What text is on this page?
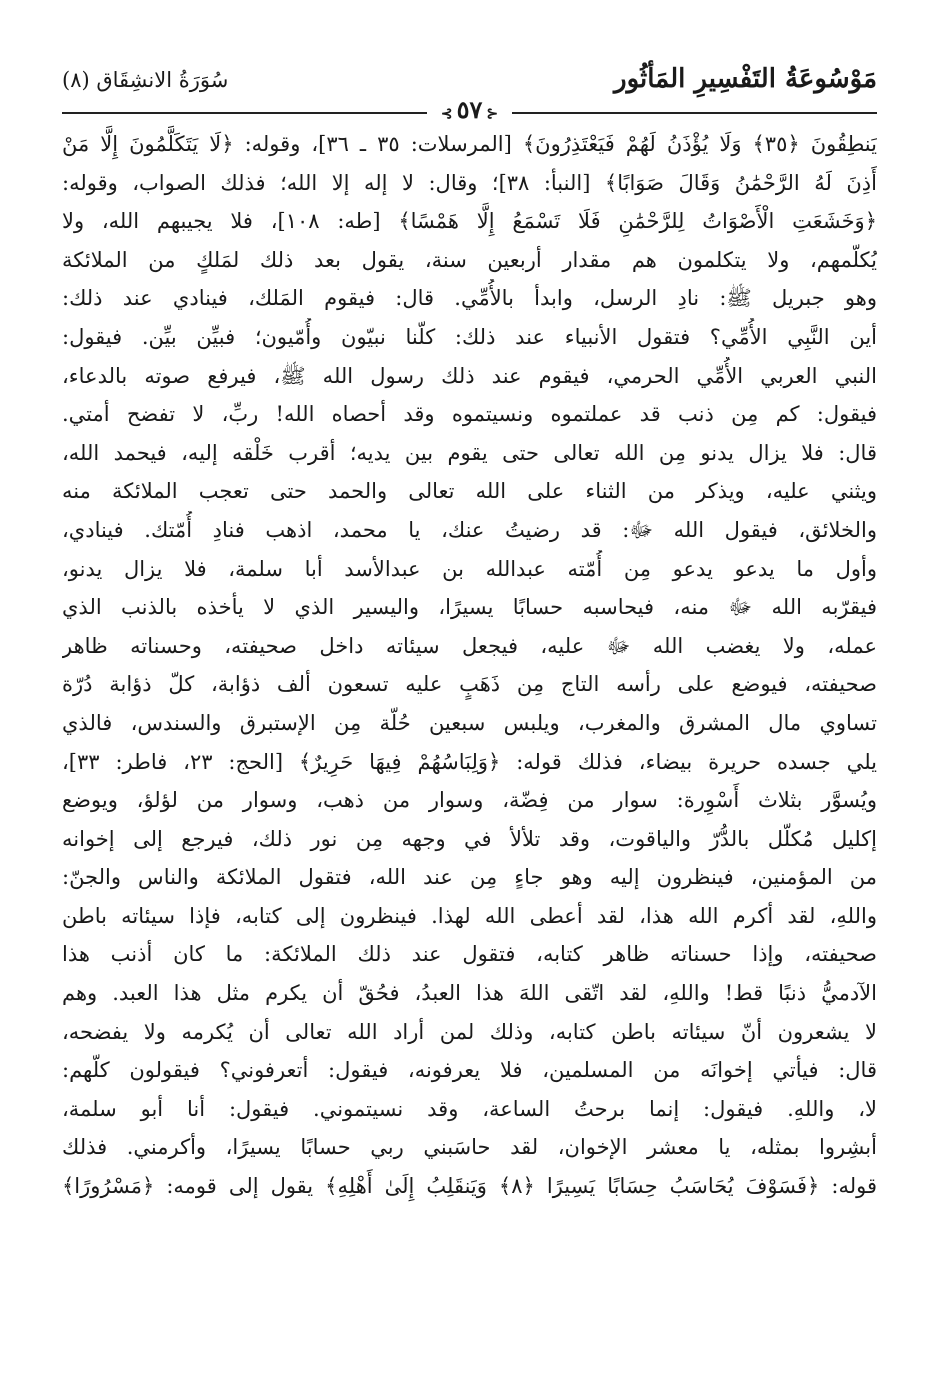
سُوَرَةُ الانشِقَاق (٨)	مَوْسُوعَةُ التَفْسِيرِ المَأثُور
⊰٥٧⊱
يَنطِقُونَ ﴿٣٥﴾ وَلَا يُؤْذَنُ لَهُمْ فَيَعْتَذِرُونَ﴾ [المرسلات: ٣٥ ـ ٣٦]، وقوله: ﴿لَا يَتَكَلَّمُونَ إِلَّا مَنْ
أَذِنَ لَهُ الرَّحْمَٰنُ وَقَالَ صَوَابًا﴾ [النبأ: ٣٨]؛ وقال: لا إله إلا الله؛ فذلك الصواب، وقوله:
﴿وَخَشَعَتِ الْأَصْوَاتُ لِلرَّحْمَٰنِ فَلَا تَسْمَعُ إِلَّا هَمْسًا﴾ [طه: ١٠٨]، فلا يجيبهم الله، ولا
يُكلّمهم، ولا يتكلمون هم مقدار أربعين سنة، يقول بعد ذلك لمَلكٍ من الملائكة
وهو جبريل ﷺ: نادِ الرسل، وابدأ بالأُمِّي. قال: فيقوم المَلك، فينادي عند ذلك:
أين النَّبِي الأُمِّي؟ فتقول الأنبياء عند ذلك: كلّنا نبيّون وأُمّيون؛ فبيِّن بيِّن. فيقول:
النبي العربي الأُمِّي الحرمي، فيقوم عند ذلك رسول الله ﷺ، فيرفع صوته بالدعاء،
فيقول: كم مِن ذنب قد عملتموه ونسيتموه وقد أحصاه الله! ربِّ، لا تفضح أمتي.
قال: فلا يزال يدنو مِن الله تعالى حتى يقوم بين يديه؛ أقرب خَلْقه إليه، فيحمد الله،
ويثني عليه، ويذكر من الثناء على الله تعالى والحمد حتى تعجب الملائكة منه
والخلائق، فيقول الله ﷻ: قد رضيتُ عنك، يا محمد، اذهب فنادِ أُمّتك. فينادي،
وأول ما يدعو يدعو مِن أُمّته عبدالله بن عبدالأسد أبا سلمة، فلا يزال يدنو،
فيقرّبه الله ﷻ منه، فيحاسبه حسابًا يسيرًا، واليسير الذي لا يأخذه بالذنب الذي
عمله، ولا يغضب الله ﷻ عليه، فيجعل سيئاته داخل صحيفته، وحسناته ظاهر
صحيفته، فيوضع على رأسه التاج مِن ذَهَبٍ عليه تسعون ألف ذؤابة، كلّ ذؤابة دُرّة
تساوي مال المشرق والمغرب، ويلبس سبعين حُلّة مِن الإستبرق والسندس، فالذي
يلي جسده حريرة بيضاء، فذلك قوله: ﴿وَلِبَاسُهُمْ فِيهَا حَرِيرٌ﴾ [الحج: ٢٣، فاطر: ٣٣]،
ويُسوَّر بثلاث أَسْوِرة: سوار من فِضّة، وسوار من ذهب، وسوار من لؤلؤ، ويوضع
إكليل مُكلّل بالدُّرّ والياقوت، وقد تلألأ في وجهه مِن نور ذلك، فيرجع إلى إخوانه
من المؤمنين، فينظرون إليه وهو جاءٍ مِن عند الله، فتقول الملائكة والناس والجنّ:
واللهِ، لقد أكرم الله هذا، لقد أعطى الله لهذا. فينظرون إلى كتابه، فإذا سيئاته باطن
صحيفته، وإذا حسناته ظاهر كتابه، فتقول عند ذلك الملائكة: ما كان أذنب هذا
الآدميُّ ذنبًا قط! واللهِ، لقد اتّقى اللهَ هذا العبدُ، فحُقّ أن يكرم مثل هذا العبد. وهم
لا يشعرون أنّ سيئاته باطن كتابه، وذلك لمن أراد الله تعالى أن يُكرمه ولا يفضحه،
قال: فيأتي إخوانَه من المسلمين، فلا يعرفونه، فيقول: أتعرفوني؟ فيقولون كلّهم:
لا، واللهِ. فيقول: إنما برحتُ الساعة، وقد نسيتموني. فيقول: أنا أبو سلمة،
أبشِروا بمثله، يا معشر الإخوان، لقد حاسَبني ربي حسابًا يسيرًا، وأكرمني. فذلك
قوله: ﴿فَسَوْفَ يُحَاسَبُ حِسَابًا يَسِيرًا ﴿٨﴾ وَيَنقَلِبُ إِلَىٰ أَهْلِهِ﴾ يقول إلى قومه: ﴿مَسْرُورًا﴾
